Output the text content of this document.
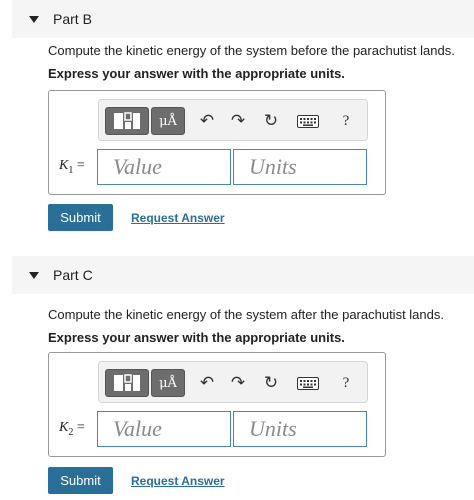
Part B
Compute the kinetic energy of the system before the parachutist lands.
Express your answer with the appropriate units.
μÅ	↶ ↷ ↻	?
$K_1$ =	Value	Units
Submit	Request Answer
Part C
Compute the kinetic energy of the system after the parachutist lands.
Express your answer with the appropriate units.
μÅ	↶ ↷ ↻	?
$K_2$ =	Value	Units
Submit	Request Answer
